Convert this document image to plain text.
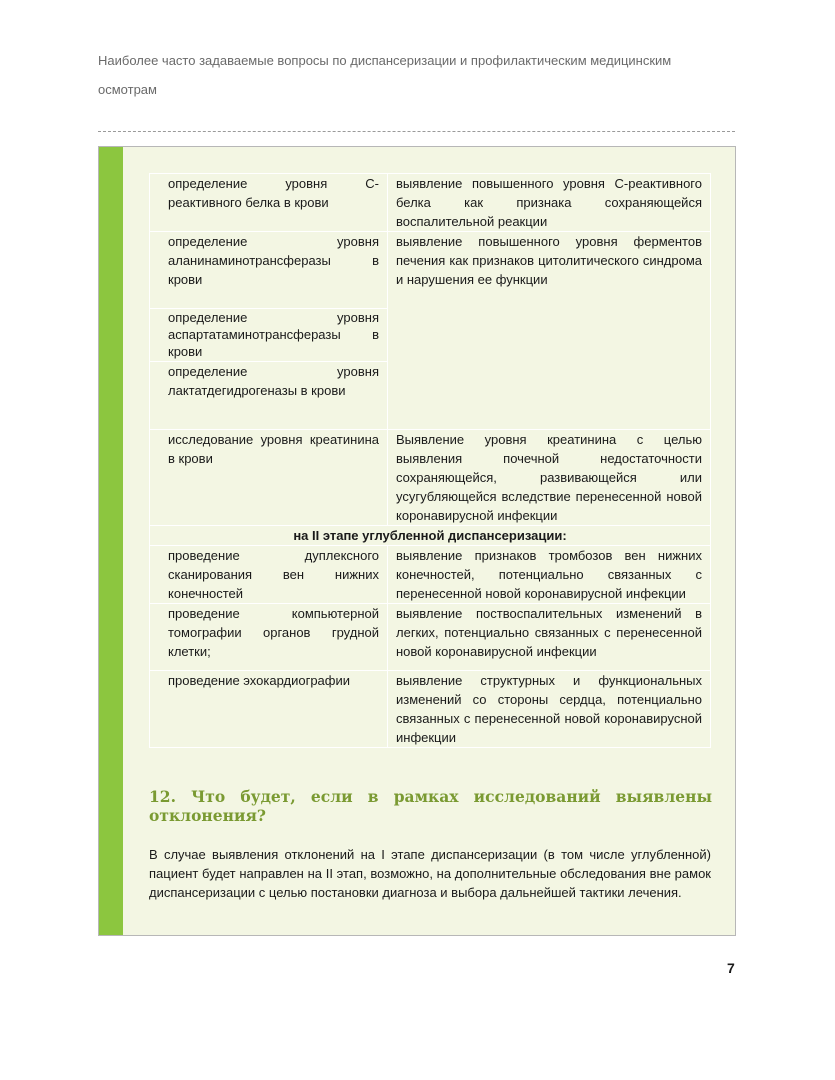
Наиболее часто задаваемые вопросы по диспансеризации и профилактическим медицинским
осмотрам
определение уровня С-реактивного белка в крови	выявление повышенного уровня С-реактивного белка как признака сохраняющейся воспалительной реакции
определение уровня аланинаминотрансферазы в крови	выявление повышенного уровня ферментов печения как признаков цитолитического синдрома и нарушения ее функции
определение уровня аспартатаминотрансферазы в крови	
определение уровня лактатдегидрогеназы в крови	
исследование уровня креатинина в крови	Выявление уровня креатинина с целью выявления почечной недостаточности сохраняющейся, развивающейся или усугубляющейся вследствие перенесенной новой коронавирусной инфекции
на II этапе углубленной диспансеризации:	
проведение дуплексного сканирования вен нижних конечностей	выявление признаков тромбозов вен нижних конечностей, потенциально связанных с перенесенной новой коронавирусной инфекции
проведение компьютерной томографии органов грудной клетки;	выявление поствоспалительных изменений в легких, потенциально связанных с перенесенной новой коронавирусной инфекции
проведение эхокардиографии	выявление структурных и функциональных изменений со стороны сердца, потенциально связанных с перенесенной новой коронавирусной инфекции
12. Что будет, если в рамках исследований выявлены отклонения?
В случае выявления отклонений на I этапе диспансеризации (в том числе углубленной) пациент будет направлен на II этап, возможно, на дополнительные обследования вне рамок диспансеризации с целью постановки диагноза и выбора дальнейшей тактики лечения.
7
